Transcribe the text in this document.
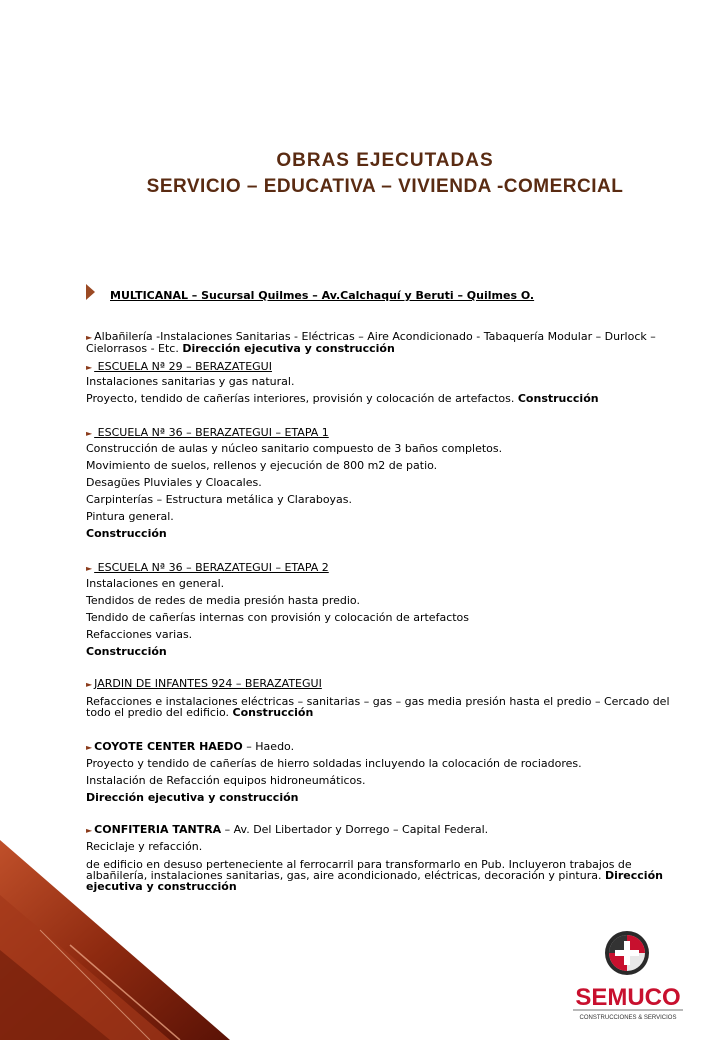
OBRAS EJECUTADAS
SERVICIO – EDUCATIVA – VIVIENDA -COMERCIAL
MULTICANAL – Sucursal Quilmes – Av.Calchaquí y Beruti – Quilmes O.
► Albañilería -Instalaciones Sanitarias - Eléctricas – Aire Acondicionado - Tabaquería Modular – Durlock – Cielorrasos - Etc. Dirección ejecutiva y construcción
► ESCUELA Nª 29 – BERAZATEGUI
Instalaciones sanitarias y gas natural.
Proyecto, tendido de cañerías interiores, provisión y colocación de artefactos. Construcción
► ESCUELA Nª 36 – BERAZATEGUI – ETAPA 1
Construcción de aulas y núcleo sanitario compuesto de 3 baños completos.
Movimiento de suelos, rellenos y ejecución de 800 m2 de patio.
Desagües Pluviales y Cloacales.
Carpinterías – Estructura metálica y Claraboyas.
Pintura general.
Construcción
► ESCUELA Nª 36 – BERAZATEGUI – ETAPA 2
Instalaciones en general.
Tendidos de redes de media presión hasta predio.
Tendido de cañerías internas con provisión y colocación de artefactos
Refacciones varias.
Construcción
► JARDIN DE INFANTES 924 – BERAZATEGUI
Refacciones e instalaciones eléctricas – sanitarias – gas – gas media presión hasta el predio – Cercado del todo el predio del edificio. Construcción
► COYOTE CENTER HAEDO – Haedo.
Proyecto y tendido de cañerías de hierro soldadas incluyendo la colocación de rociadores.
Instalación de Refacción equipos hidroneumáticos.
Dirección ejecutiva y construcción
► CONFITERIA TANTRA – Av. Del Libertador y Dorrego – Capital Federal.
Reciclaje y refacción.
de edificio en desuso perteneciente al ferrocarril para transformarlo en Pub. Incluyeron trabajos de albañilería, instalaciones sanitarias, gas, aire acondicionado, eléctricas, decoración y pintura. Dirección ejecutiva y construcción
SEMUCO
CONSTRUCCIONES & SERVICIOS
